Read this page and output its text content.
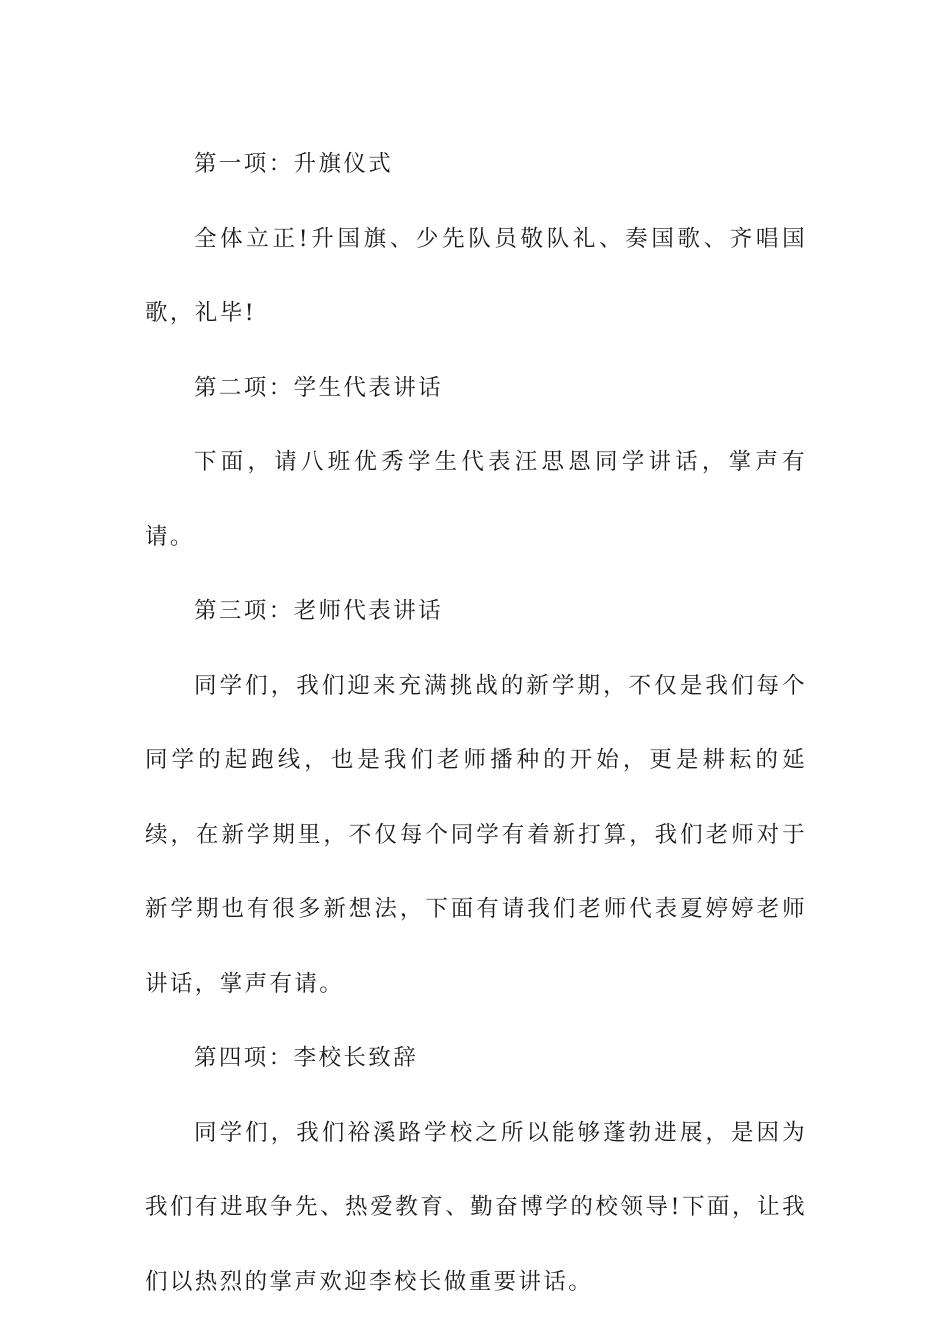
第一项：升旗仪式

全体立正!升国旗、少先队员敬队礼、奏国歌、齐唱国歌，礼毕!

第二项：学生代表讲话

下面，请八班优秀学生代表汪思恩同学讲话，掌声有请。

第三项：老师代表讲话

同学们，我们迎来充满挑战的新学期，不仅是我们每个同学的起跑线，也是我们老师播种的开始，更是耕耘的延续，在新学期里，不仅每个同学有着新打算，我们老师对于新学期也有很多新想法，下面有请我们老师代表夏婷婷老师讲话，掌声有请。

第四项：李校长致辞

同学们，我们裕溪路学校之所以能够蓬勃进展，是因为我们有进取争先、热爱教育、勤奋博学的校领导!下面，让我们以热烈的掌声欢迎李校长做重要讲话。
